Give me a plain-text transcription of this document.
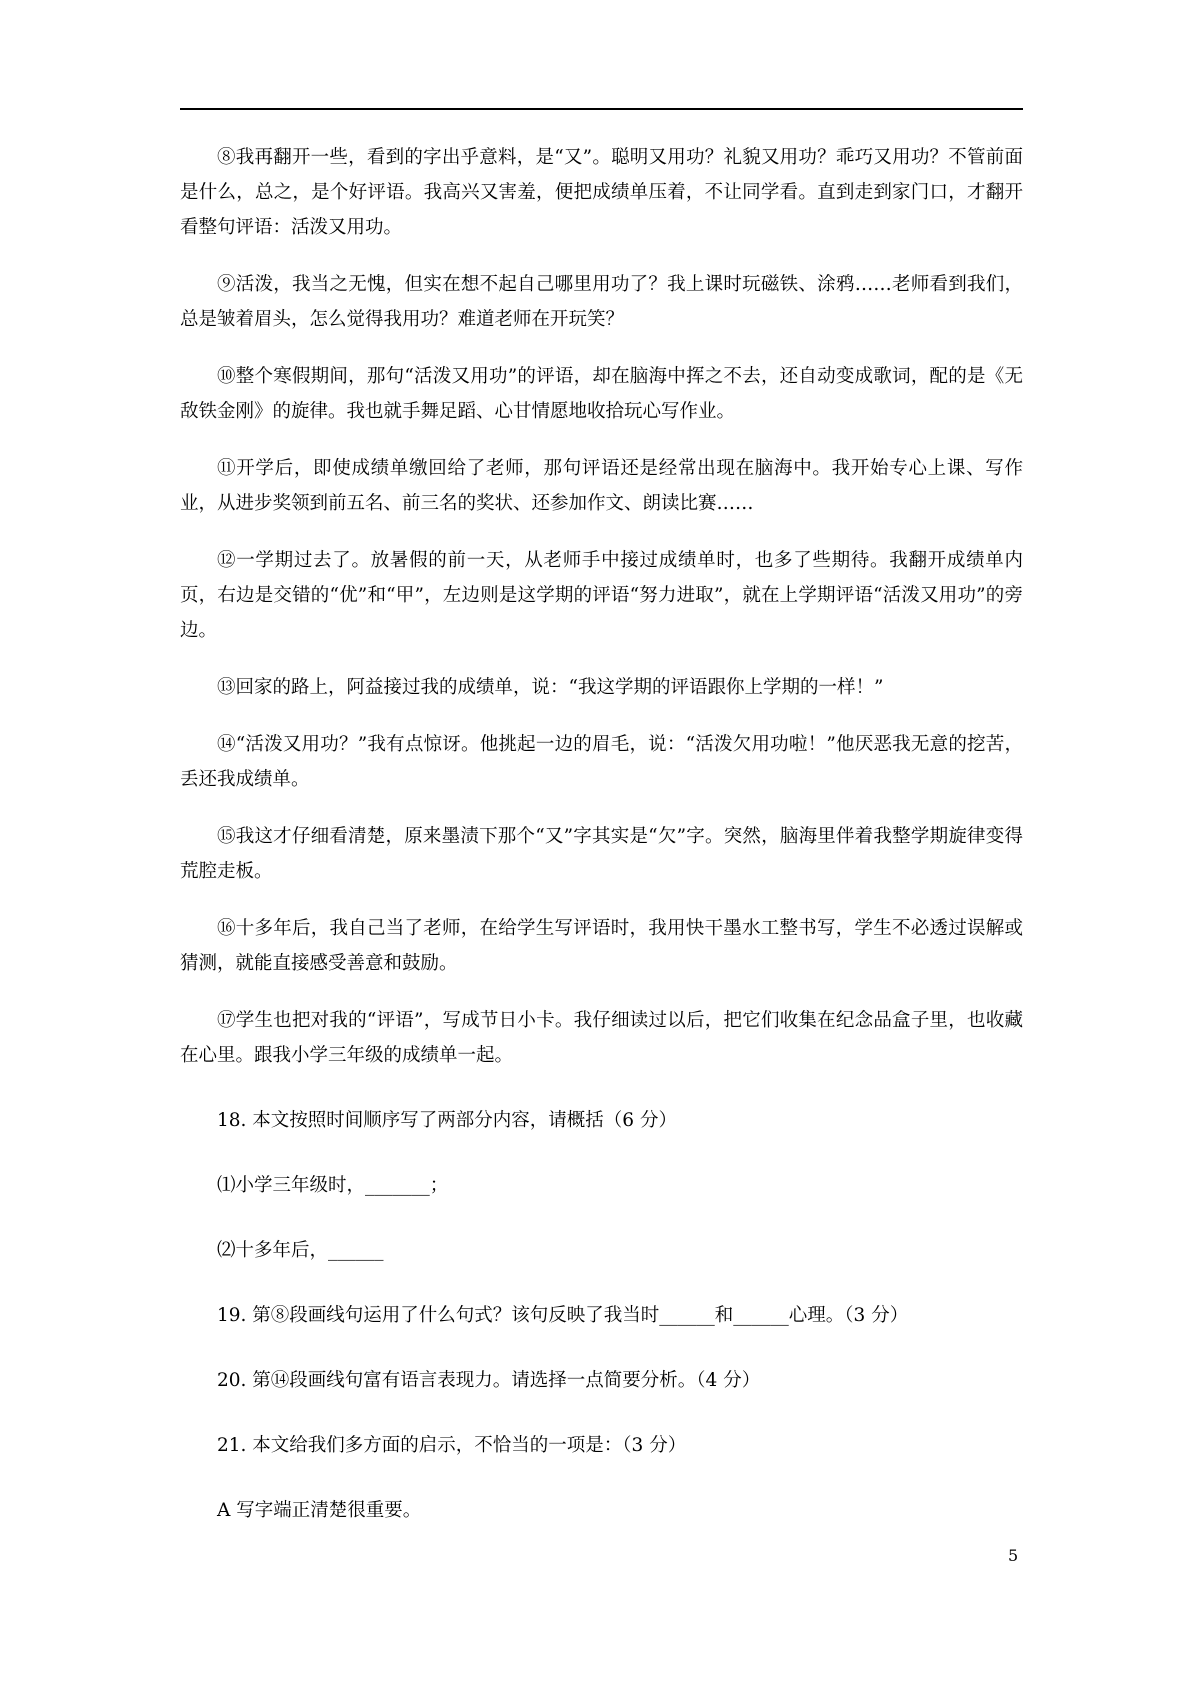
⑧我再翻开一些，看到的字出乎意料，是“又”。聪明又用功？礼貌又用功？乖巧又用功？不管前面是什么，总之，是个好评语。我高兴又害羞，便把成绩单压着，不让同学看。直到走到家门口，才翻开看整句评语：活泼又用功。

⑨活泼，我当之无愧，但实在想不起自己哪里用功了？我上课时玩磁铁、涂鸦……老师看到我们，总是皱着眉头，怎么觉得我用功？难道老师在开玩笑？

⑩整个寒假期间，那句“活泼又用功”的评语，却在脑海中挥之不去，还自动变成歌词，配的是《无敌铁金刚》的旋律。我也就手舞足蹈、心甘情愿地收拾玩心写作业。

⑪开学后，即使成绩单缴回给了老师，那句评语还是经常出现在脑海中。我开始专心上课、写作业，从进步奖领到前五名、前三名的奖状、还参加作文、朗读比赛……

⑫一学期过去了。放暑假的前一天，从老师手中接过成绩单时，也多了些期待。我翻开成绩单内页，右边是交错的“优”和“甲”，左边则是这学期的评语“努力进取”，就在上学期评语“活泼又用功”的旁边。

⑬回家的路上，阿益接过我的成绩单，说：“我这学期的评语跟你上学期的一样！”

⑭“活泼又用功？”我有点惊讶。他挑起一边的眉毛，说：“活泼欠用功啦！”他厌恶我无意的挖苦，丢还我成绩单。

⑮我这才仔细看清楚，原来墨渍下那个“又”字其实是“欠”字。突然，脑海里伴着我整学期旋律变得荒腔走板。

⑯十多年后，我自己当了老师，在给学生写评语时，我用快干墨水工整书写，学生不必透过误解或猜测，就能直接感受善意和鼓励。

⑰学生也把对我的“评语”，写成节日小卡。我仔细读过以后，把它们收集在纪念品盒子里，也收藏在心里。跟我小学三年级的成绩单一起。

18. 本文按照时间顺序写了两部分内容，请概括（6 分）

⑴小学三年级时，_______；

⑵十多年后，______

19. 第⑧段画线句运用了什么句式？该句反映了我当时______和______心理。（3 分）

20. 第⑭段画线句富有语言表现力。请选择一点简要分析。（4 分）

21. 本文给我们多方面的启示，不恰当的一项是：（3 分）

A 写字端正清楚很重要。

5
